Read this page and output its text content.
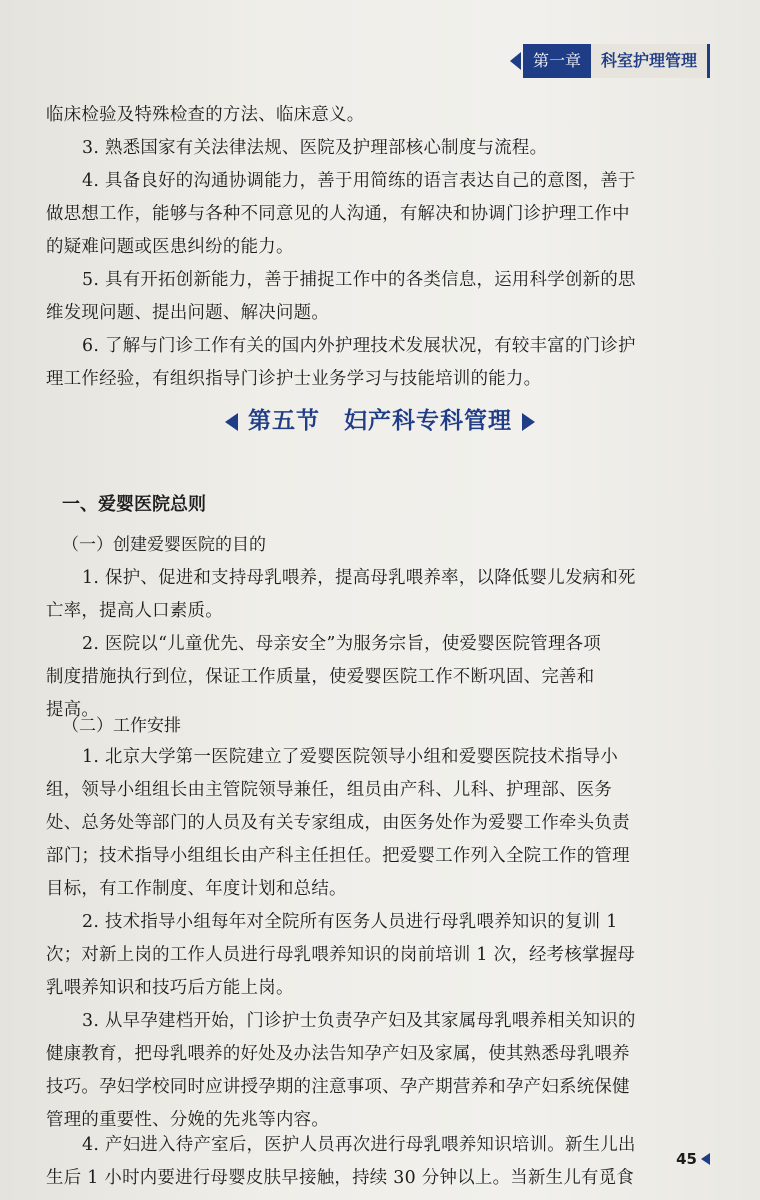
第一章	科室护理管理
临床检验及特殊检查的方法、临床意义。
3. 熟悉国家有关法律法规、医院及护理部核心制度与流程。
4. 具备良好的沟通协调能力，善于用简练的语言表达自己的意图，善于
做思想工作，能够与各种不同意见的人沟通，有解决和协调门诊护理工作中
的疑难问题或医患纠纷的能力。
5. 具有开拓创新能力，善于捕捉工作中的各类信息，运用科学创新的思
维发现问题、提出问题、解决问题。
6. 了解与门诊工作有关的国内外护理技术发展状况，有较丰富的门诊护
理工作经验，有组织指导门诊护士业务学习与技能培训的能力。
第五节　妇产科专科管理
一、爱婴医院总则
（一）创建爱婴医院的目的
1. 保护、促进和支持母乳喂养，提高母乳喂养率，以降低婴儿发病和死
亡率，提高人口素质。
2. 医院以“儿童优先、母亲安全”为服务宗旨，使爱婴医院管理各项
制度措施执行到位，保证工作质量，使爱婴医院工作不断巩固、完善和
提高。
（二）工作安排
1. 北京大学第一医院建立了爱婴医院领导小组和爱婴医院技术指导小
组，领导小组组长由主管院领导兼任，组员由产科、儿科、护理部、医务
处、总务处等部门的人员及有关专家组成，由医务处作为爱婴工作牵头负责
部门；技术指导小组组长由产科主任担任。把爱婴工作列入全院工作的管理
目标，有工作制度、年度计划和总结。
2. 技术指导小组每年对全院所有医务人员进行母乳喂养知识的复训 1
次；对新上岗的工作人员进行母乳喂养知识的岗前培训 1 次，经考核掌握母
乳喂养知识和技巧后方能上岗。
3. 从早孕建档开始，门诊护士负责孕产妇及其家属母乳喂养相关知识的
健康教育，把母乳喂养的好处及办法告知孕产妇及家属，使其熟悉母乳喂养
技巧。孕妇学校同时应讲授孕期的注意事项、孕产期营养和孕产妇系统保健
管理的重要性、分娩的先兆等内容。
4. 产妇进入待产室后，医护人员再次进行母乳喂养知识培训。新生儿出
生后 1 小时内要进行母婴皮肤早接触，持续 30 分钟以上。当新生儿有觅食
45
